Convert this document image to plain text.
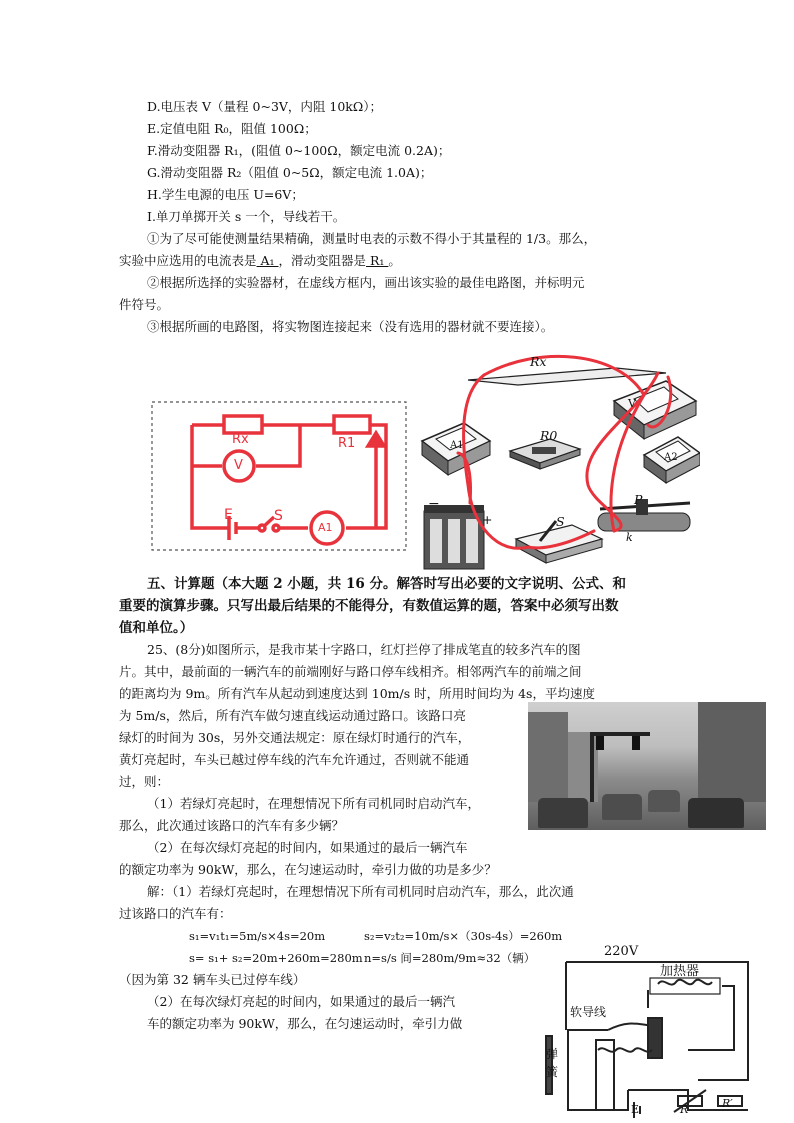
D.电压表 V（量程 0~3V，内阻 10kΩ）；
E.定值电阻 R₀，阻值 100Ω；
F.滑动变阻器 R₁，(阻值 0~100Ω，额定电流 0.2A)；
G.滑动变阻器 R₂（阻值 0~5Ω，额定电流 1.0A)；
H.学生电源的电压 U=6V；
I.单刀单掷开关 s 一个，导线若干。
①为了尽可能使测量结果精确，测量时电表的示数不得小于其量程的 1/3。那么，
实验中应选用的电流表是 A₁ ，滑动变阻器是 R₁ 。
②根据所选择的实验器材，在虚线方框内，画出该实验的最佳电路图，并标明元
件符号。
③根据所画的电路图，将实物图连接起来（没有选用的器材就不要连接）。
Rx	R1
V
E	S
A1
Rx
V
A1
R0
A2
−
+	S
P
k
五、计算题（本大题 2 小题，共 16 分。解答时写出必要的文字说明、公式、和
重要的演算步骤。只写出最后结果的不能得分，有数值运算的题，答案中必须写出数
值和单位。）
25、(8分)如图所示，是我市某十字路口，红灯拦停了排成笔直的较多汽车的图
片。其中，最前面的一辆汽车的前端刚好与路口停车线相齐。相邻两汽车的前端之间
的距离均为 9m。所有汽车从起动到速度达到 10m/s 时，所用时间均为 4s，平均速度
为 5m/s，然后，所有汽车做匀速直线运动通过路口。该路口亮
绿灯的时间为 30s，另外交通法规定：原在绿灯时通行的汽车，
黄灯亮起时，车头已越过停车线的汽车允许通过，否则就不能通
过，则：
（1）若绿灯亮起时，在理想情况下所有司机同时启动汽车，
那么，此次通过该路口的汽车有多少辆？
（2）在每次绿灯亮起的时间内，如果通过的最后一辆汽车
的额定功率为 90kW，那么，在匀速运动时，牵引力做的功是多少？
解：（1）若绿灯亮起时，在理想情况下所有司机同时启动汽车，那么，此次通
过该路口的汽车有：
s₁=v₁t₁=5m/s×4s=20m	s₂=v₂t₂=10m/s×（30s-4s）=260m
s= s₁+ s₂=20m+260m=280m n=s/s 间=280m/9m≈32（辆）
（因为第 32 辆车头已过停车线）
（2）在每次绿灯亮起的时间内，如果通过的最后一辆汽
车的额定功率为 90kW，那么，在匀速运动时，牵引力做
220V
加热器
软导线
弹
簧
E	R	R′
